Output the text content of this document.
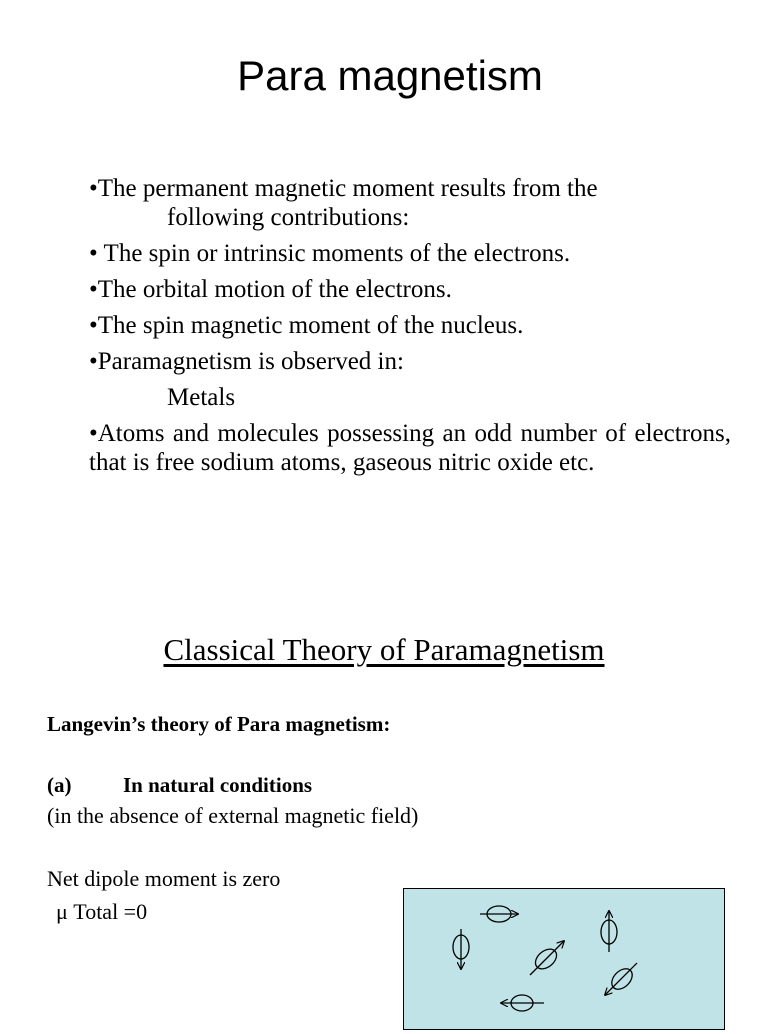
Para magnetism

•The permanent magnetic moment results from the
following contributions:

• The spin or intrinsic moments of the electrons.

•The orbital motion of the electrons.

•The spin magnetic moment of the nucleus.

•Paramagnetism is observed in:

Metals

•Atoms and molecules possessing an odd number of electrons, that is free sodium atoms, gaseous nitric oxide etc.

Classical Theory of Paramagnetism
Langevin’s theory of Para magnetism:
(a) In natural conditions
(in the absence of external magnetic field)
Net dipole moment is zero
μ Total =0
